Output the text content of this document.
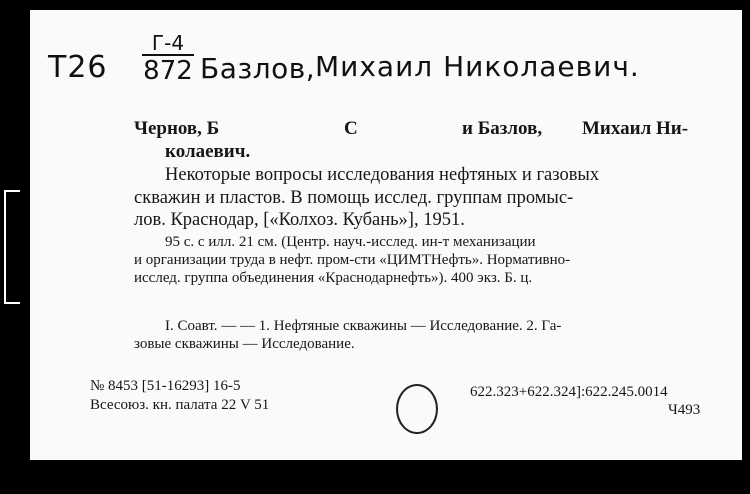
T26
Г-4
872 Базлов, Михаил Николаевич.
Чернов, Б	С	и Базлов, Михаил Ни-
колаевич.
Некоторые вопросы исследования нефтяных и газовых
скважин и пластов. В помощь исслед. группам промыс-
лов. Краснодар, [«Колхоз. Кубань»], 1951.
95 с. с илл. 21 см. (Центр. науч.-исслед. ин-т механизации
и организации труда в нефт. пром-сти «ЦИМТНефть». Нормативно-
исслед. группа объединения «Краснодарнефть»). 400 экз. Б. ц.
I. Соавт. — — 1. Нефтяные скважины — Исследование. 2. Га-
зовые скважины — Исследование.
№ 8453 [51-16293] 16-5
Всесоюз. кн. палата 22 V 51
622.323+622.324]:622.245.0014
Ч493
